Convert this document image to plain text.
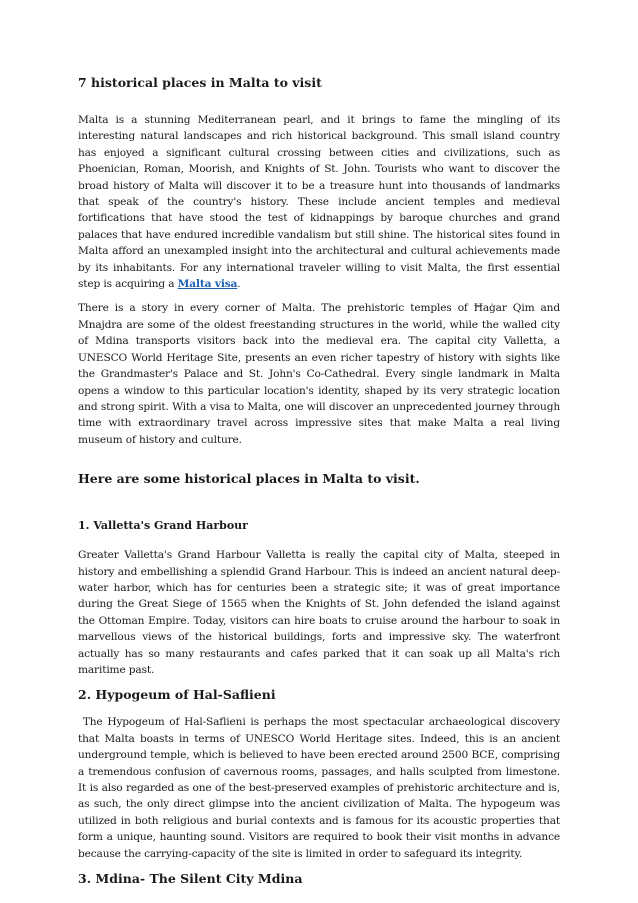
7 historical places in Malta to visit

Malta is a stunning Mediterranean pearl, and it brings to fame the mingling of its interesting natural landscapes and rich historical background. This small island country has enjoyed a significant cultural crossing between cities and civilizations, such as Phoenician, Roman, Moorish, and Knights of St. John. Tourists who want to discover the broad history of Malta will discover it to be a treasure hunt into thousands of landmarks that speak of the country's history. These include ancient temples and medieval fortifications that have stood the test of kidnappings by baroque churches and grand palaces that have endured incredible vandalism but still shine. The historical sites found in Malta afford an unexampled insight into the architectural and cultural achievements made by its inhabitants. For any international traveler willing to visit Malta, the first essential step is acquiring a Malta visa.

There is a story in every corner of Malta. The prehistoric temples of Ħaġar Qim and Mnajdra are some of the oldest freestanding structures in the world, while the walled city of Mdina transports visitors back into the medieval era. The capital city Valletta, a UNESCO World Heritage Site, presents an even richer tapestry of history with sights like the Grandmaster's Palace and St. John's Co-Cathedral. Every single landmark in Malta opens a window to this particular location's identity, shaped by its very strategic location and strong spirit. With a visa to Malta, one will discover an unprecedented journey through time with extraordinary travel across impressive sites that make Malta a real living museum of history and culture.

Here are some historical places in Malta to visit.
1. Valletta's Grand Harbour

Greater Valletta's Grand Harbour Valletta is really the capital city of Malta, steeped in history and embellishing a splendid Grand Harbour. This is indeed an ancient natural deep-water harbor, which has for centuries been a strategic site; it was of great importance during the Great Siege of 1565 when the Knights of St. John defended the island against the Ottoman Empire. Today, visitors can hire boats to cruise around the harbour to soak in marvellous views of the historical buildings, forts and impressive sky. The waterfront actually has so many restaurants and cafes parked that it can soak up all Malta's rich maritime past.

2. Hypogeum of Hal-Saflieni

The Hypogeum of Hal-Saflieni is perhaps the most spectacular archaeological discovery that Malta boasts in terms of UNESCO World Heritage sites. Indeed, this is an ancient underground temple, which is believed to have been erected around 2500 BCE, comprising a tremendous confusion of cavernous rooms, passages, and halls sculpted from limestone. It is also regarded as one of the best-preserved examples of prehistoric architecture and is, as such, the only direct glimpse into the ancient civilization of Malta. The hypogeum was utilized in both religious and burial contexts and is famous for its acoustic properties that form a unique, haunting sound. Visitors are required to book their visit months in advance because the carrying-capacity of the site is limited in order to safeguard its integrity.

3. Mdina- The Silent City Mdina
